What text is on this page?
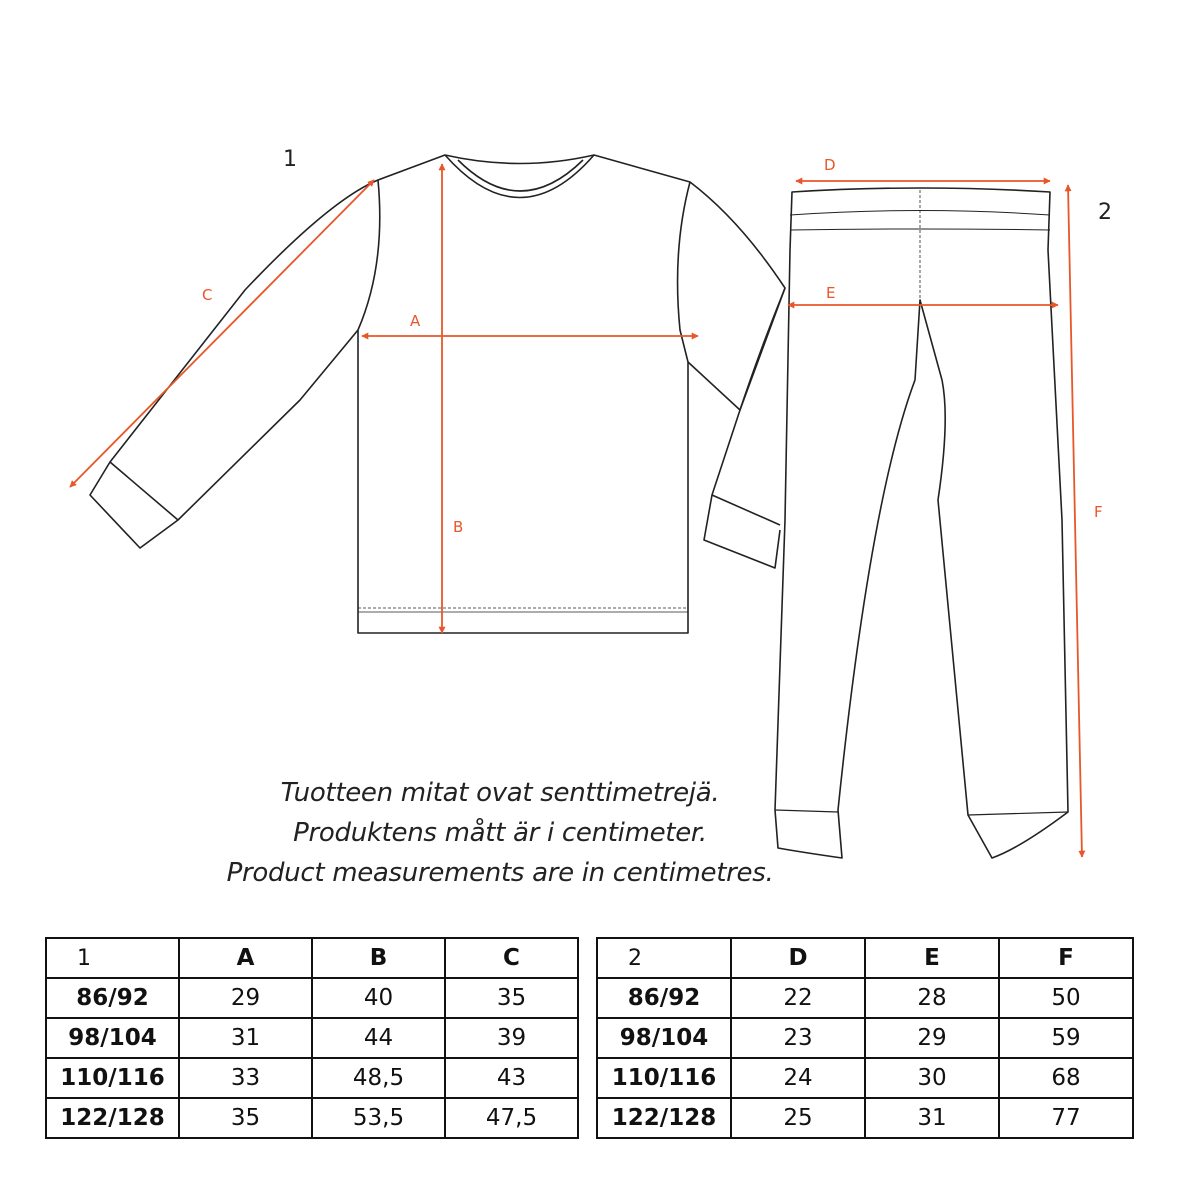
A
B
C
D
E
F
1
2
Tuotteen mitat ovat senttimetrejä.
Produktens mått är i centimeter.
Product measurements are in centimetres.
1	A	B	C
86/92	29	40	35
98/104	31	44	39
110/116	33	48,5	43
122/128	35	53,5	47,5
2	D	E	F
86/92	22	28	50
98/104	23	29	59
110/116	24	30	68
122/128	25	31	77
